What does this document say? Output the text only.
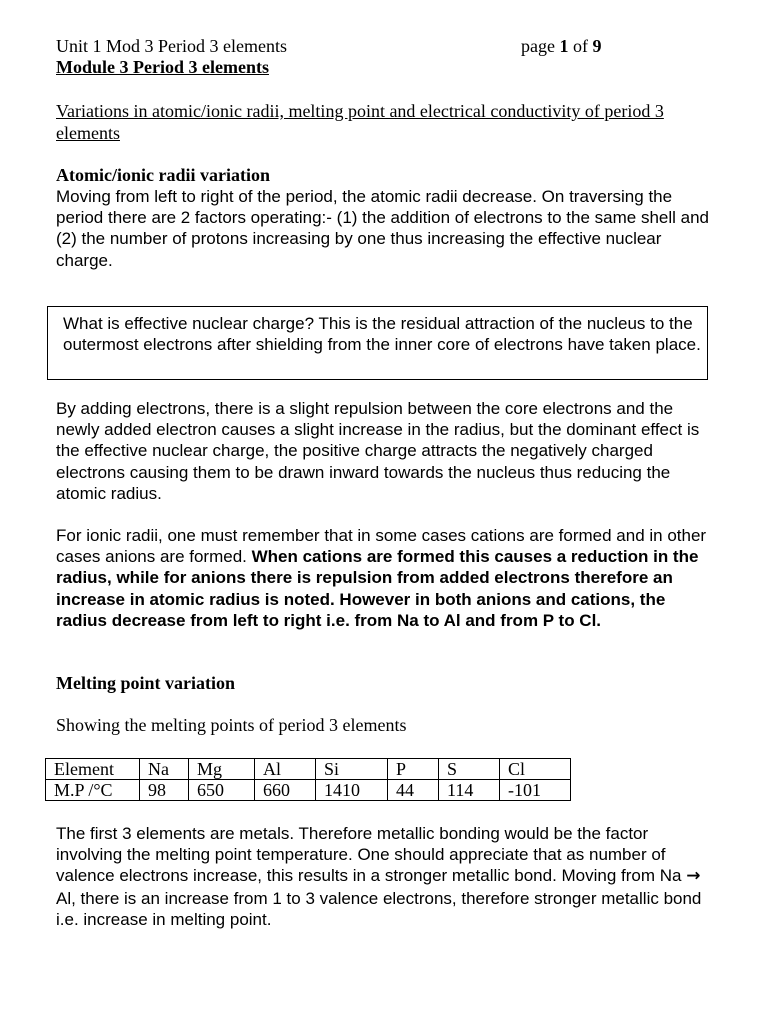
Unit 1 Mod 3 Period 3 elements	page 1 of 9
Module 3 Period 3 elements
Variations in atomic/ionic radii, melting point and electrical conductivity of period 3 elements
Atomic/ionic radii variation
Moving from left to right of the period, the atomic radii decrease. On traversing the period there are 2 factors operating:- (1) the addition of electrons to the same shell and (2) the number of protons increasing by one thus increasing the effective nuclear charge.
What is effective nuclear charge? This is the residual attraction of the nucleus to the outermost electrons after shielding from the inner core of electrons have taken place.
By adding electrons, there is a slight repulsion between the core electrons and the newly added electron causes a slight increase in the radius, but the dominant effect is the effective nuclear charge, the positive charge attracts the negatively charged electrons causing them to be drawn inward towards the nucleus thus reducing the atomic radius.
For ionic radii, one must remember that in some cases cations are formed and in other cases anions are formed. When cations are formed this causes a reduction in the radius, while for anions there is repulsion from added electrons therefore an increase in atomic radius is noted. However in both anions and cations, the radius decrease from left to right i.e. from Na to Al and from P to Cl.
Melting point variation
Showing the melting points of period 3 elements
Element	Na	Mg	Al	Si	P	S	Cl
M.P /°C	98	650	660	1410	44	114	-101
The first 3 elements are metals. Therefore metallic bonding would be the factor involving the melting point temperature. One should appreciate that as number of valence electrons increase, this results in a stronger metallic bond. Moving from Na → Al, there is an increase from 1 to 3 valence electrons, therefore stronger metallic bond i.e. increase in melting point.
